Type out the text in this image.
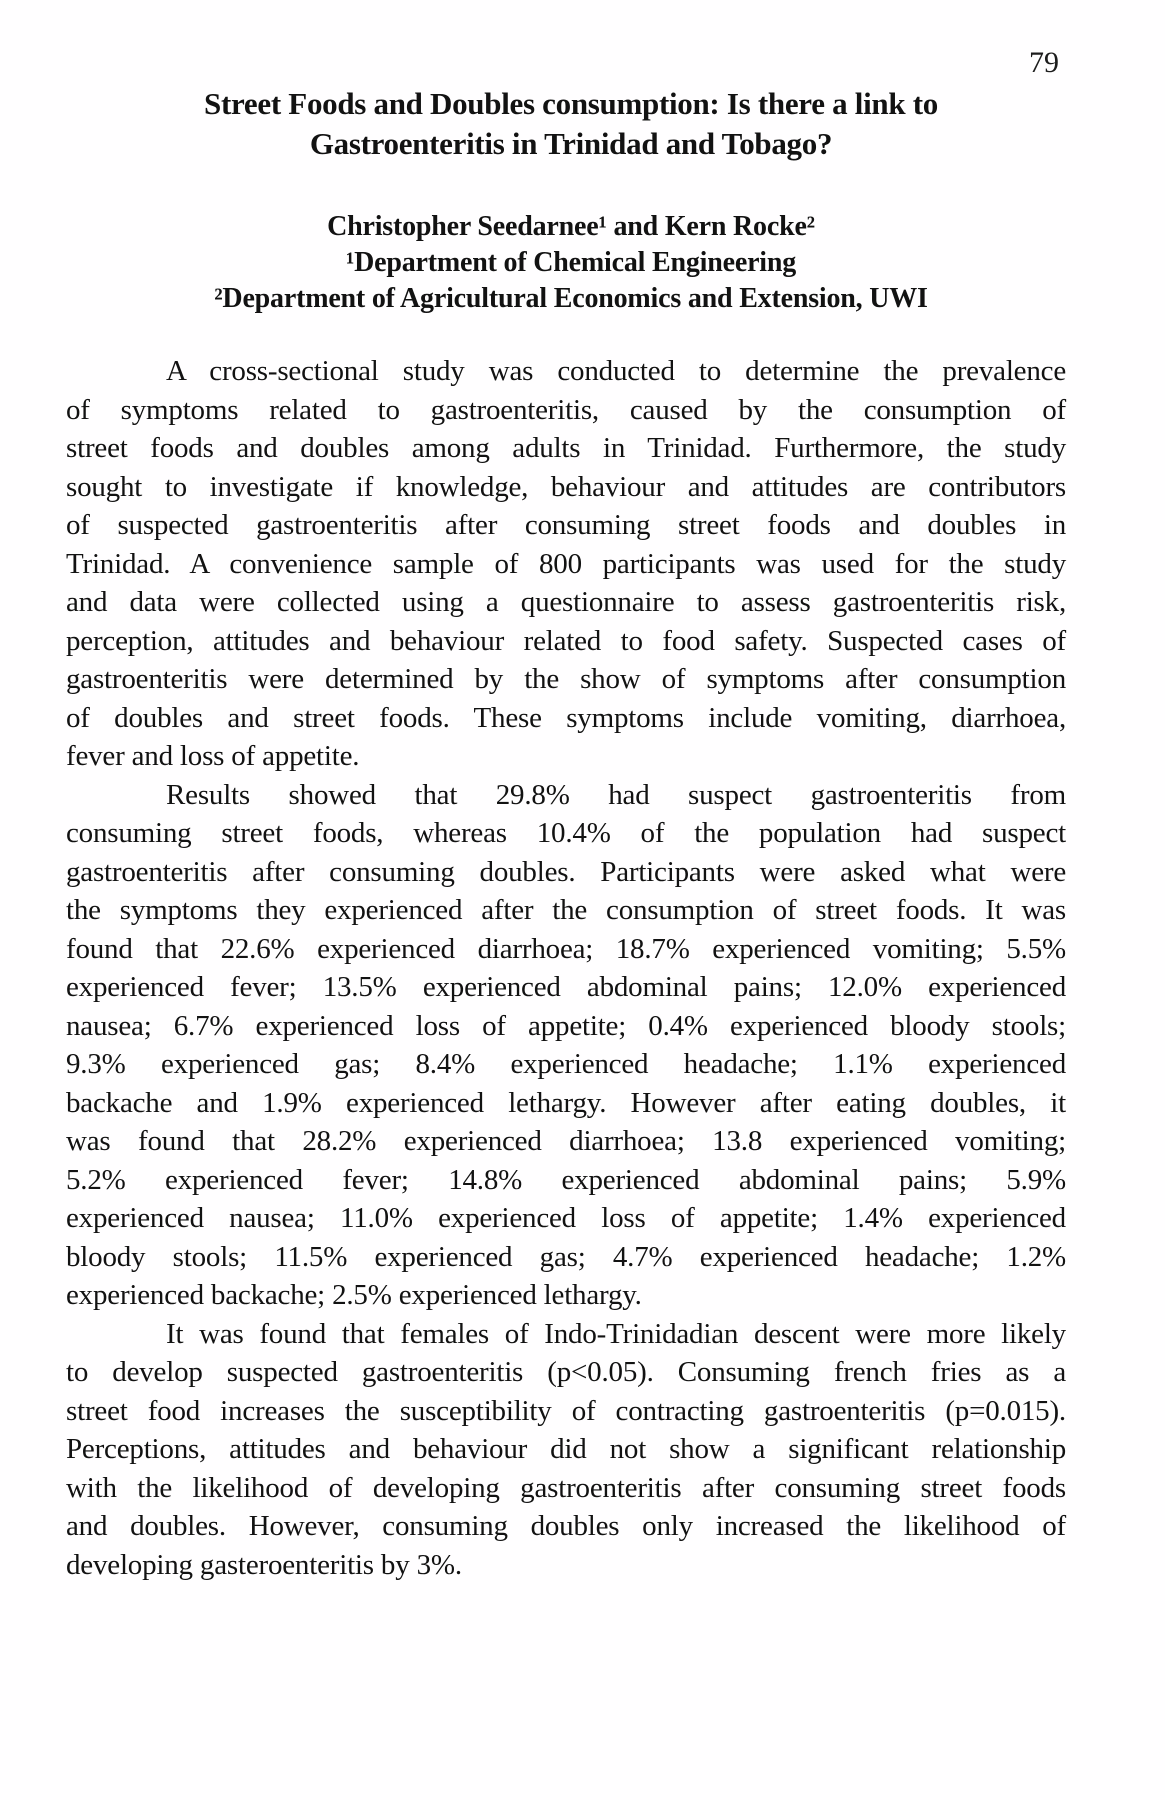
79
Street Foods and Doubles consumption: Is there a link to
Gastroenteritis in Trinidad and Tobago?
Christopher Seedarnee¹ and Kern Rocke²
¹Department of Chemical Engineering
²Department of Agricultural Economics and Extension, UWI
A cross-sectional study was conducted to determine the prevalence
of symptoms related to gastroenteritis, caused by the consumption of
street foods and doubles among adults in Trinidad. Furthermore, the study
sought to investigate if knowledge, behaviour and attitudes are contributors
of suspected gastroenteritis after consuming street foods and doubles in
Trinidad. A convenience sample of 800 participants was used for the study
and data were collected using a questionnaire to assess gastroenteritis risk,
perception, attitudes and behaviour related to food safety. Suspected cases of
gastroenteritis were determined by the show of symptoms after consumption
of doubles and street foods. These symptoms include vomiting, diarrhoea,
fever and loss of appetite.
Results showed that 29.8% had suspect gastroenteritis from
consuming street foods, whereas 10.4% of the population had suspect
gastroenteritis after consuming doubles. Participants were asked what were
the symptoms they experienced after the consumption of street foods. It was
found that 22.6% experienced diarrhoea; 18.7% experienced vomiting; 5.5%
experienced fever; 13.5% experienced abdominal pains; 12.0% experienced
nausea; 6.7% experienced loss of appetite; 0.4% experienced bloody stools;
9.3% experienced gas; 8.4% experienced headache; 1.1% experienced
backache and 1.9% experienced lethargy. However after eating doubles, it
was found that 28.2% experienced diarrhoea; 13.8 experienced vomiting;
5.2% experienced fever; 14.8% experienced abdominal pains; 5.9%
experienced nausea; 11.0% experienced loss of appetite; 1.4% experienced
bloody stools; 11.5% experienced gas; 4.7% experienced headache; 1.2%
experienced backache; 2.5% experienced lethargy.
It was found that females of Indo-Trinidadian descent were more likely
to develop suspected gastroenteritis (p<0.05). Consuming french fries as a
street food increases the susceptibility of contracting gastroenteritis (p=0.015).
Perceptions, attitudes and behaviour did not show a significant relationship
with the likelihood of developing gastroenteritis after consuming street foods
and doubles. However, consuming doubles only increased the likelihood of
developing gasteroenteritis by 3%.
